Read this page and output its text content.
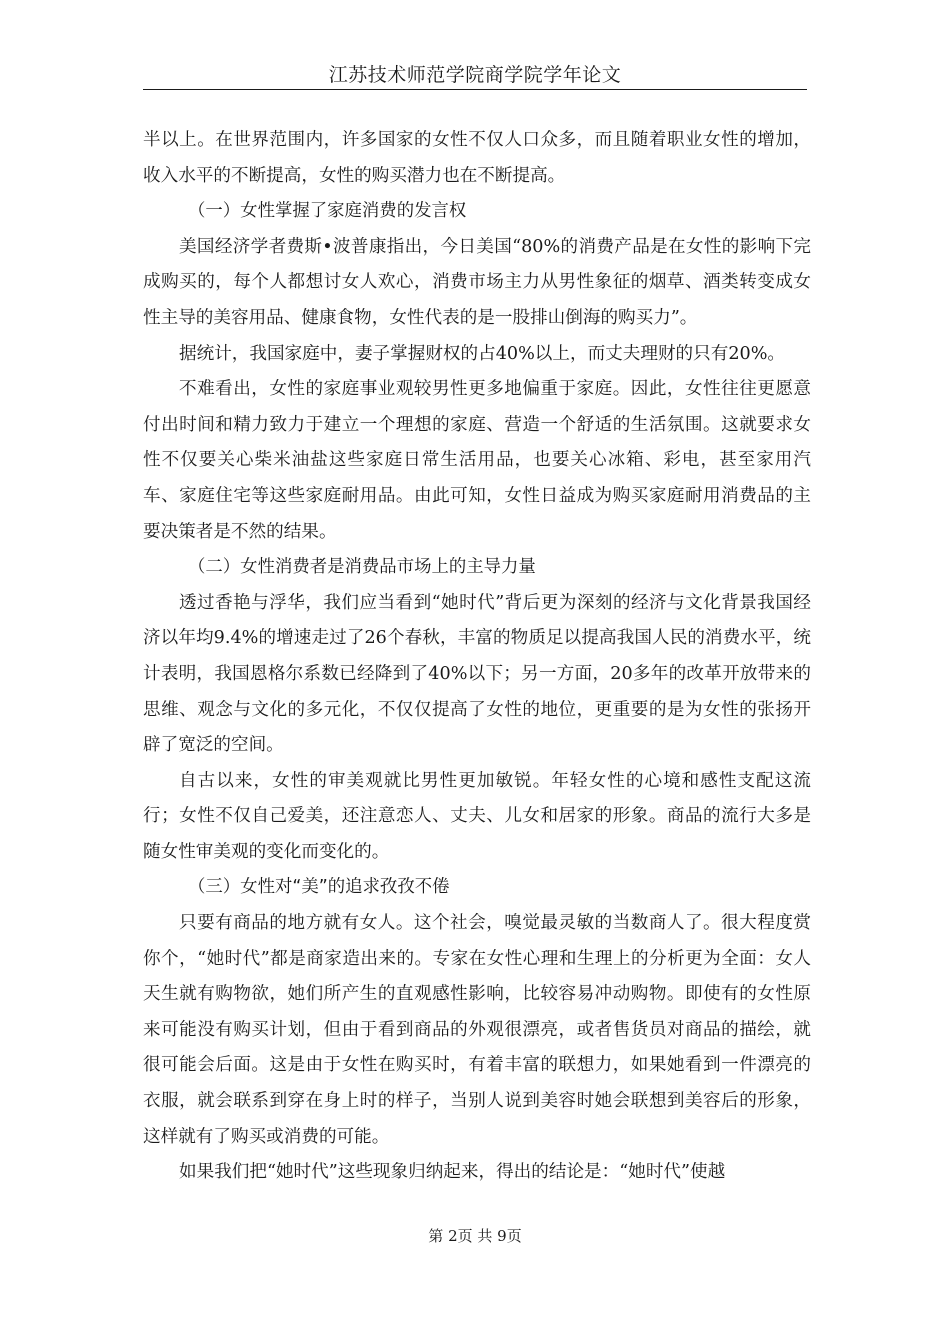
江苏技术师范学院商学院学年论文

半以上。在世界范围内，许多国家的女性不仅人口众多，而且随着职业女性的增加，收入水平的不断提高，女性的购买潜力也在不断提高。

（一）女性掌握了家庭消费的发言权

美国经济学者费斯•波普康指出，今日美国“80%的消费产品是在女性的影响下完成购买的，每个人都想讨女人欢心，消费市场主力从男性象征的烟草、酒类转变成女性主导的美容用品、健康食物，女性代表的是一股排山倒海的购买力”。

据统计，我国家庭中，妻子掌握财权的占40%以上，而丈夫理财的只有20%。

不难看出，女性的家庭事业观较男性更多地偏重于家庭。因此，女性往往更愿意付出时间和精力致力于建立一个理想的家庭、营造一个舒适的生活氛围。这就要求女性不仅要关心柴米油盐这些家庭日常生活用品，也要关心冰箱、彩电，甚至家用汽车、家庭住宅等这些家庭耐用品。由此可知，女性日益成为购买家庭耐用消费品的主要决策者是不然的结果。

（二）女性消费者是消费品市场上的主导力量

透过香艳与浮华，我们应当看到“她时代”背后更为深刻的经济与文化背景我国经济以年均9.4%的增速走过了26个春秋，丰富的物质足以提高我国人民的消费水平，统计表明，我国恩格尔系数已经降到了40%以下；另一方面，20多年的改革开放带来的思维、观念与文化的多元化，不仅仅提高了女性的地位，更重要的是为女性的张扬开辟了宽泛的空间。

自古以来，女性的审美观就比男性更加敏锐。年轻女性的心境和感性支配这流行；女性不仅自己爱美，还注意恋人、丈夫、儿女和居家的形象。商品的流行大多是随女性审美观的变化而变化的。

（三）女性对“美”的追求孜孜不倦

只要有商品的地方就有女人。这个社会，嗅觉最灵敏的当数商人了。很大程度赏你个，“她时代”都是商家造出来的。专家在女性心理和生理上的分析更为全面：女人天生就有购物欲，她们所产生的直观感性影响，比较容易冲动购物。即使有的女性原来可能没有购买计划，但由于看到商品的外观很漂亮，或者售货员对商品的描绘，就很可能会后面。这是由于女性在购买时，有着丰富的联想力，如果她看到一件漂亮的衣服，就会联系到穿在身上时的样子，当别人说到美容时她会联想到美容后的形象，这样就有了购买或消费的可能。

如果我们把“她时代”这些现象归纳起来，得出的结论是：“她时代”使越

第 2页 共 9页
